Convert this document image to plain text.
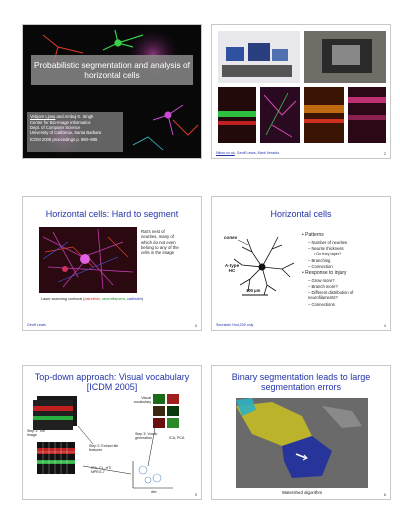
Probabilistic segmentation and analysis of horizontal cells
Vebjorn Ljosa and Ambuj K. Singh
Center for Bio-Image Informatics
Dept. of Computer Science
University of California, Santa Barbara
ICDM 2006 proceedings p. 980–985
Nikon.co.uk, Geoff Lewis, Mark Verardo	2
Horizontal cells: Hard to segment
Rat's nest of neurites, many of which do not even belong to any of the cells in the image
Laser-scanning confocal (calretinin, neurofilament, calbindin)
Geoff Lewis	3
Horizontal cells
cones
A-type HC
100 µm
• Patterns
– Number of neurites
– Neurite thickness
• Do they taper?
– Branching
– Connection
• Response to injury
– Grow more?
– Branch more?
– Different distribution of neurofilaments?
– Connections
Seurstein Hod,200 only	4
Top-down approach: Visual vocabulary [ICDM 2005]
Visual vocabulary
Step 1: Tile image
Step 2: Extract tile features
Step 3: Vocab generation	ICA, PCA
ICA, CL, HTI MPEG-7
dim	5
Binary segmentation leads to large segmentation errors
Watershed algorithm	6
